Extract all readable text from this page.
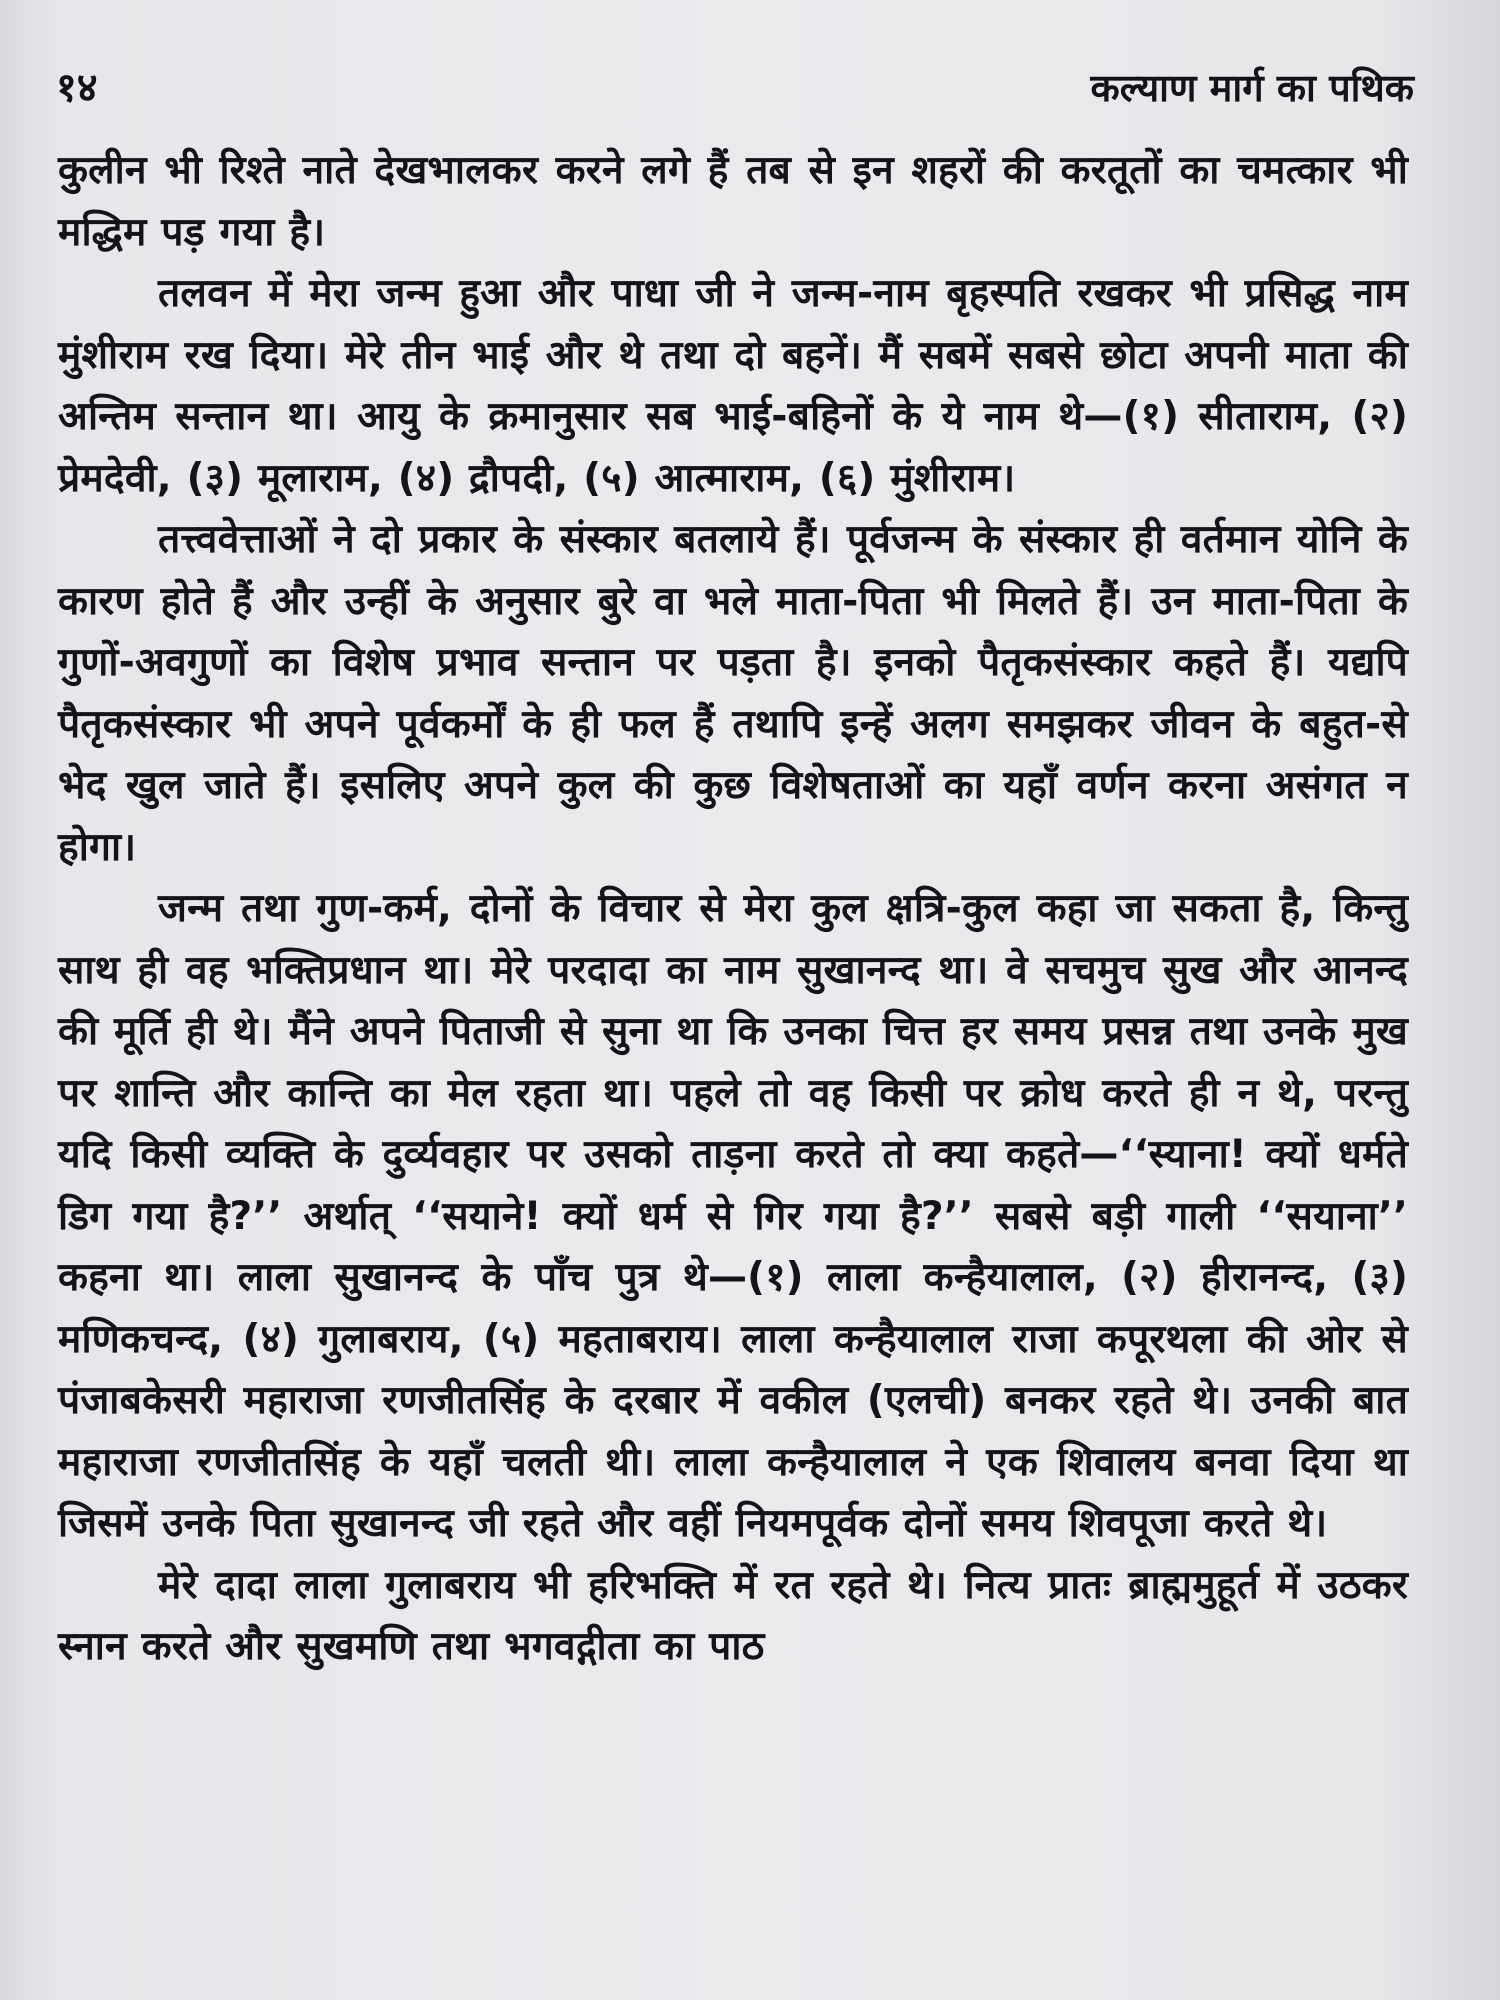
१४	कल्याण मार्ग का पथिक

कुलीन भी रिश्ते नाते देखभालकर करने लगे हैं तब से इन शहरों की करतूतों का चमत्कार भी मद्धिम पड़ गया है।

तलवन में मेरा जन्म हुआ और पाधा जी ने जन्म-नाम बृहस्पति रखकर भी प्रसिद्ध नाम मुंशीराम रख दिया। मेरे तीन भाई और थे तथा दो बहनें। मैं सबमें सबसे छोटा अपनी माता की अन्तिम सन्तान था। आयु के क्रमानुसार सब भाई-बहिनों के ये नाम थे—(१) सीताराम, (२) प्रेमदेवी, (३) मूलाराम, (४) द्रौपदी, (५) आत्माराम, (६) मुंशीराम।

तत्त्ववेत्ताओं ने दो प्रकार के संस्कार बतलाये हैं। पूर्वजन्म के संस्कार ही वर्तमान योनि के कारण होते हैं और उन्हीं के अनुसार बुरे वा भले माता-पिता भी मिलते हैं। उन माता-पिता के गुणों-अवगुणों का विशेष प्रभाव सन्तान पर पड़ता है। इनको पैतृकसंस्कार कहते हैं। यद्यपि पैतृकसंस्कार भी अपने पूर्वकर्मों के ही फल हैं तथापि इन्हें अलग समझकर जीवन के बहुत-से भेद खुल जाते हैं। इसलिए अपने कुल की कुछ विशेषताओं का यहाँ वर्णन करना असंगत न होगा।

जन्म तथा गुण-कर्म, दोनों के विचार से मेरा कुल क्षत्रि-कुल कहा जा सकता है, किन्तु साथ ही वह भक्तिप्रधान था। मेरे परदादा का नाम सुखानन्द था। वे सचमुच सुख और आनन्द की मूर्ति ही थे। मैंने अपने पिताजी से सुना था कि उनका चित्त हर समय प्रसन्न तथा उनके मुख पर शान्ति और कान्ति का मेल रहता था। पहले तो वह किसी पर क्रोध करते ही न थे, परन्तु यदि किसी व्यक्ति के दुर्व्यवहार पर उसको ताड़ना करते तो क्या कहते—‘‘स्याना! क्यों धर्मते डिग गया है?’’ अर्थात् ‘‘सयाने! क्यों धर्म से गिर गया है?’’ सबसे बड़ी गाली ‘‘सयाना’’ कहना था। लाला सुखानन्द के पाँच पुत्र थे—(१) लाला कन्हैयालाल, (२) हीरानन्द, (३) मणिकचन्द, (४) गुलाबराय, (५) महताबराय। लाला कन्हैयालाल राजा कपूरथला की ओर से पंजाबकेसरी महाराजा रणजीतसिंह के दरबार में वकील (एलची) बनकर रहते थे। उनकी बात महाराजा रणजीतसिंह के यहाँ चलती थी। लाला कन्हैयालाल ने एक शिवालय बनवा दिया था जिसमें उनके पिता सुखानन्द जी रहते और वहीं नियमपूर्वक दोनों समय शिवपूजा करते थे।

मेरे दादा लाला गुलाबराय भी हरिभक्ति में रत रहते थे। नित्य प्रातः ब्राह्ममुहूर्त में उठकर स्नान करते और सुखमणि तथा भगवद्गीता का पाठ
